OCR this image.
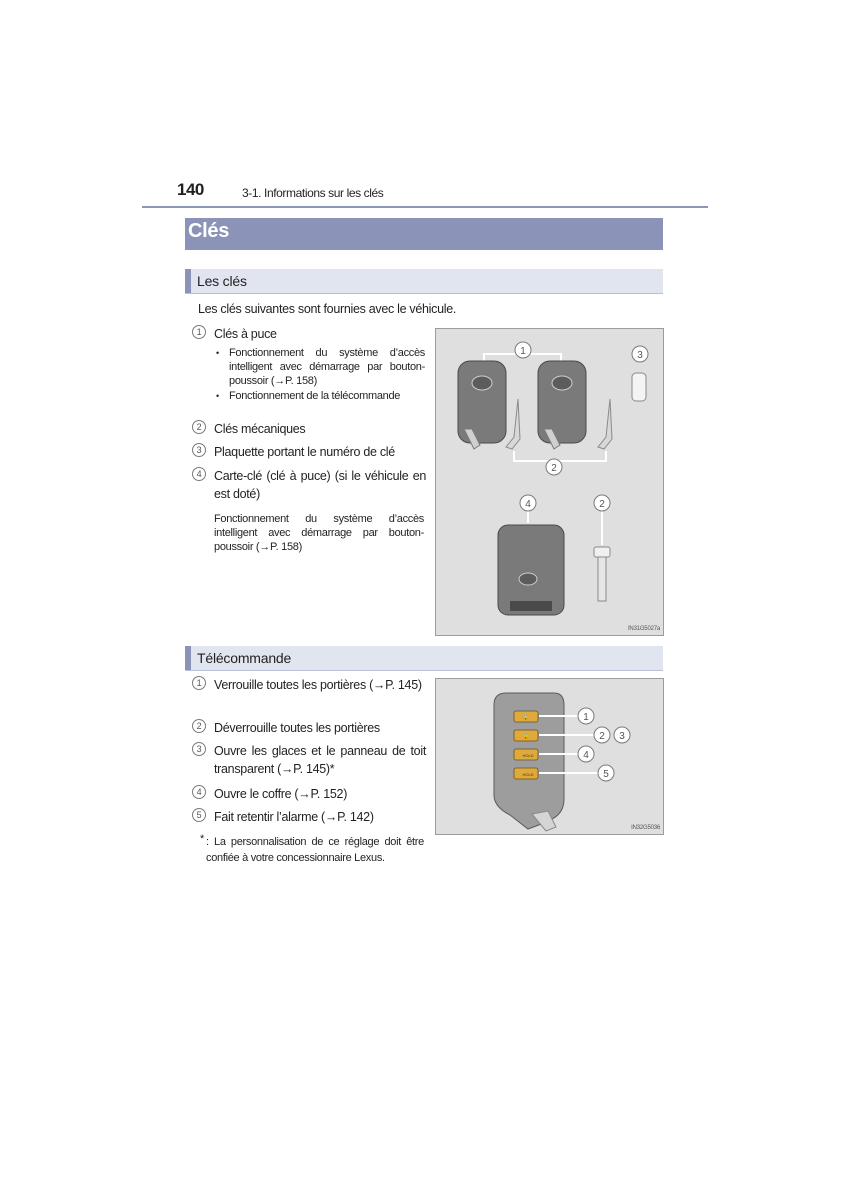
140	3-1. Informations sur les clés
Clés
Les clés
Les clés suivantes sont fournies avec le véhicule.
1	Clés à puce
• Fonctionnement du système d’accès intelligent avec démarrage par bouton-poussoir (→P. 158)
• Fonctionnement de la télécommande
2	Clés mécaniques
3	Plaquette portant le numéro de clé
4	Carte-clé (clé à puce) (si le véhicule en est doté)
Fonctionnement du système d’accès intelligent avec démarrage par bouton-poussoir (→P. 158)
1
2
3
4	2
IN31G5027a
Télécommande
1	Verrouille toutes les portières (→P. 145)
2	Déverrouille toutes les portières
3	Ouvre les glaces et le panneau de toit transparent (→P. 145)*
4	Ouvre le coffre (→P. 152)
5	Fait retentir l’alarme (→P. 142)
* : La personnalisation de ce réglage doit être confiée à votre concessionnaire Lexus.
🔒
🔓
HOLD
HOLD
1
2 3
4
5
IN32G5036
